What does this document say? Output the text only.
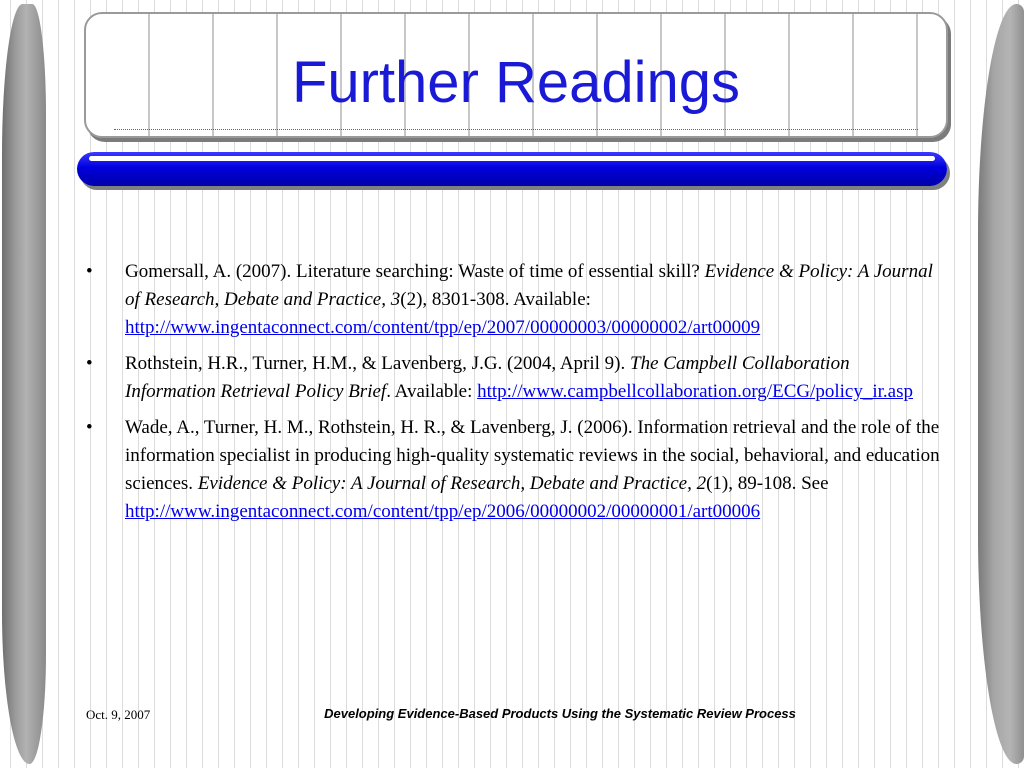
Further Readings
• Gomersall, A. (2007). Literature searching: Waste of time of essential skill? Evidence & Policy: A Journal of Research, Debate and Practice, 3(2), 8301-308. Available: http://www.ingentaconnect.com/content/tpp/ep/2007/00000003/00000002/art00009
• Rothstein, H.R., Turner, H.M., & Lavenberg, J.G. (2004, April 9). The Campbell Collaboration Information Retrieval Policy Brief. Available: http://www.campbellcollaboration.org/ECG/policy_ir.asp
• Wade, A., Turner, H. M., Rothstein, H. R., & Lavenberg, J. (2006). Information retrieval and the role of the information specialist in producing high-quality systematic reviews in the social, behavioral, and education sciences. Evidence & Policy: A Journal of Research, Debate and Practice, 2(1), 89-108. See http://www.ingentaconnect.com/content/tpp/ep/2006/00000002/00000001/art00006
Oct. 9, 2007	Developing Evidence-Based Products Using the Systematic Review Process
